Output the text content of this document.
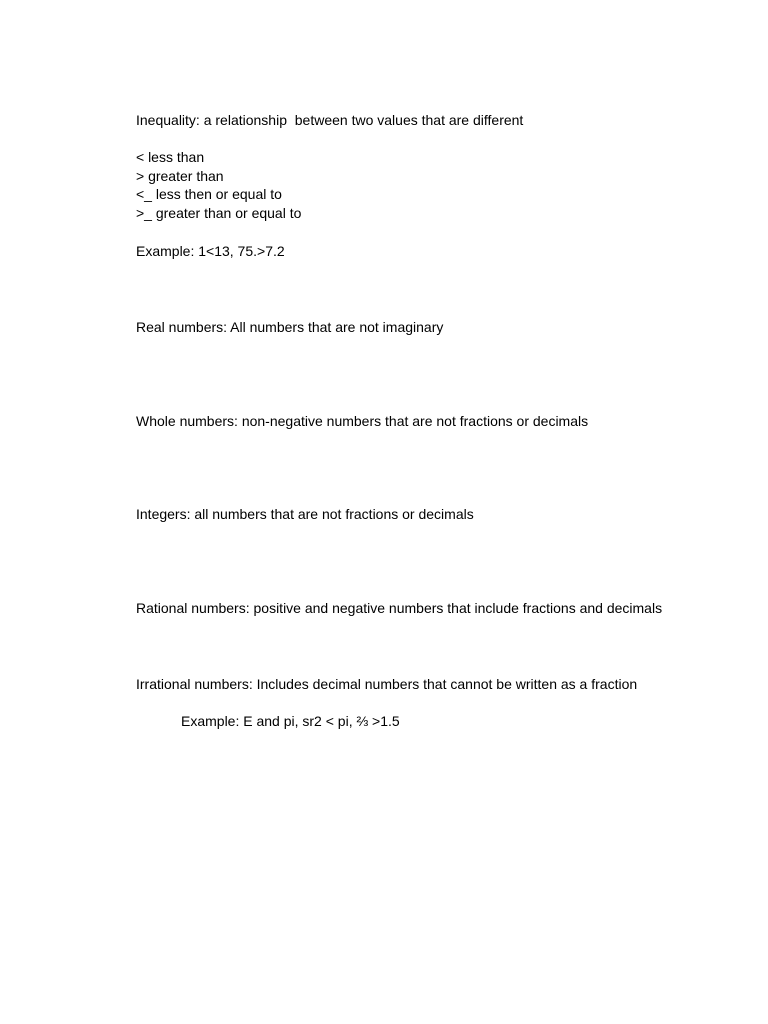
Inequality: a relationship  between two values that are different
< less than
> greater than
<_ less then or equal to
>_ greater than or equal to
Example: 1<13, 75.>7.2
Real numbers: All numbers that are not imaginary
Whole numbers: non-negative numbers that are not fractions or decimals
Integers: all numbers that are not fractions or decimals
Rational numbers: positive and negative numbers that include fractions and decimals
Irrational numbers: Includes decimal numbers that cannot be written as a fraction
Example: E and pi, sr2 < pi, ⅔ >1.5
